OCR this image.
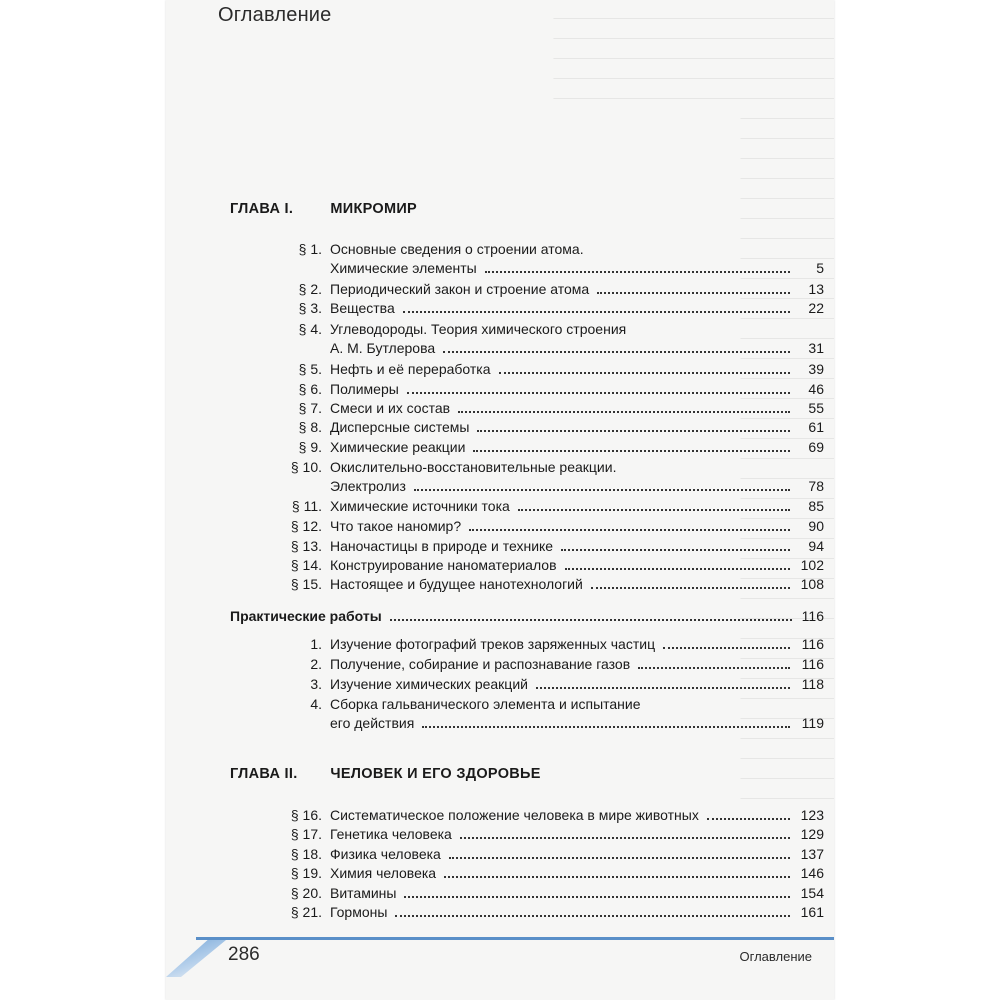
Оглавление
ГЛАВА I.	МИКРОМИР
§ 1. Основные сведения о строении атома.
Химические элементы	5
§ 2. Периодический закон и строение атома	13
§ 3. Вещества	22
§ 4. Углеводороды. Теория химического строения
А. М. Бутлерова	31
§ 5. Нефть и её переработка	39
§ 6. Полимеры	46
§ 7. Смеси и их состав	55
§ 8. Дисперсные системы	61
§ 9. Химические реакции	69
§ 10. Окислительно-восстановительные реакции.
Электролиз	78
§ 11. Химические источники тока	85
§ 12. Что такое наномир?	90
§ 13. Наночастицы в природе и технике	94
§ 14. Конструирование наноматериалов	102
§ 15. Настоящее и будущее нанотехнологий	108
Практические работы	116
1. Изучение фотографий треков заряженных частиц	116
2. Получение, собирание и распознавание газов	116
3. Изучение химических реакций	118
4. Сборка гальванического элемента и испытание
его действия	119
ГЛАВА II. ЧЕЛОВЕК И ЕГО ЗДОРОВЬЕ
§ 16. Систематическое положение человека в мире животных	123
§ 17. Генетика человека	129
§ 18. Физика человека	137
§ 19. Химия человека	146
§ 20. Витамины	154
§ 21. Гормоны	161
286	Оглавление
